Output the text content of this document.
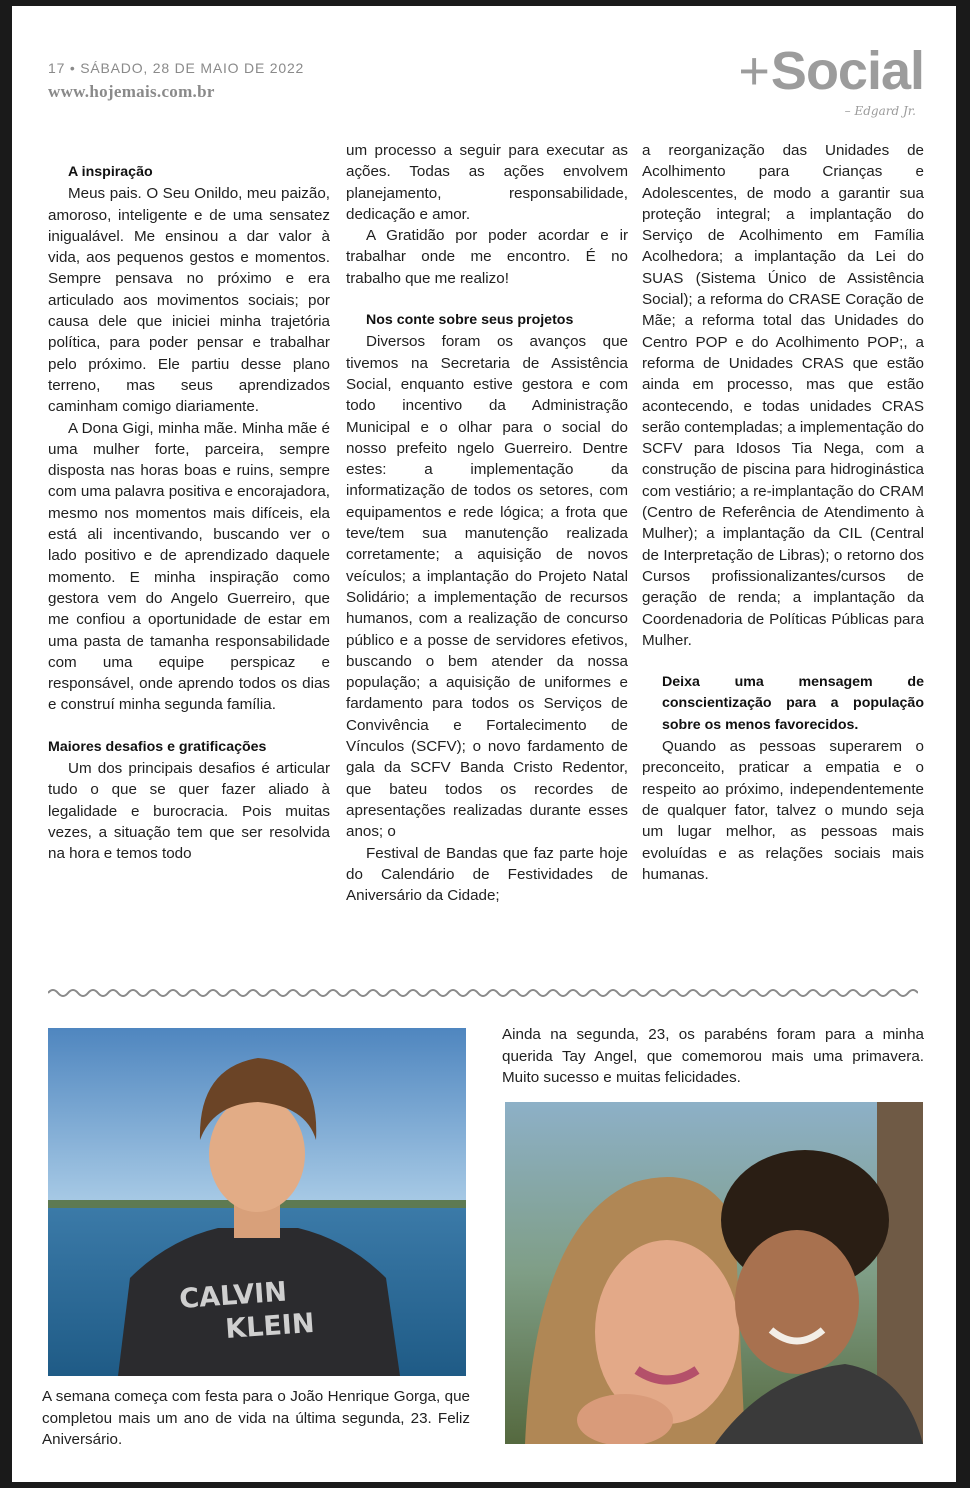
17 • SÁBADO, 28 DE MAIO DE 2022
www.hojemais.com.br	+Social
– Edgard Jr.
A inspiração

Meus pais. O Seu Onildo, meu paizão, amoroso, inteligente e de uma sensatez inigualável. Me ensinou a dar valor à vida, aos pequenos gestos e momentos. Sempre pensava no próximo e era articulado aos movimentos sociais; por causa dele que iniciei minha trajetória política, para poder pensar e trabalhar pelo próximo. Ele partiu desse plano terreno, mas seus aprendizados caminham comigo diariamente.

A Dona Gigi, minha mãe. Minha mãe é uma mulher forte, parceira, sempre disposta nas horas boas e ruins, sempre com uma palavra positiva e encorajadora, mesmo nos momentos mais difíceis, ela está ali incentivando, buscando ver o lado positivo e de aprendizado daquele momento. E minha inspiração como gestora vem do Angelo Guerreiro, que me confiou a oportunidade de estar em uma pasta de tamanha responsabilidade com uma equipe perspicaz e responsável, onde aprendo todos os dias e construí minha segunda família.

Maiores desafios e gratificações

Um dos principais desafios é articular tudo o que se quer fazer aliado à legalidade e burocracia. Pois muitas vezes, a situação tem que ser resolvida na hora e temos todo

um processo a seguir para executar as ações. Todas as ações envolvem planejamento, responsabilidade, dedicação e amor.

A Gratidão por poder acordar e ir trabalhar onde me encontro. É no trabalho que me realizo!

Nos conte sobre seus projetos

Diversos foram os avanços que tivemos na Secretaria de Assistência Social, enquanto estive gestora e com todo incentivo da Administração Municipal e o olhar para o social do nosso prefeito ngelo Guerreiro. Dentre estes: a implementação da informatização de todos os setores, com equipamentos e rede lógica; a frota que teve/tem sua manutenção realizada corretamente; a aquisição de novos veículos; a implantação do Projeto Natal Solidário; a implementação de recursos humanos, com a realização de concurso público e a posse de servidores efetivos, buscando o bem atender da nossa população; a aquisição de uniformes e fardamento para todos os Serviços de Convivência e Fortalecimento de Vínculos (SCFV); o novo fardamento de gala da SCFV Banda Cristo Redentor, que bateu todos os recordes de apresentações realizadas durante esses anos; o

Festival de Bandas que faz parte hoje do Calendário de Festividades de Aniversário da Cidade;

a reorganização das Unidades de Acolhimento para Crianças e Adolescentes, de modo a garantir sua proteção integral; a implantação do Serviço de Acolhimento em Família Acolhedora; a implantação da Lei do SUAS (Sistema Único de Assistência Social); a reforma do CRASE Coração de Mãe; a reforma total das Unidades do Centro POP e do Acolhimento POP;, a reforma de Unidades CRAS que estão ainda em processo, mas que estão acontecendo, e todas unidades CRAS serão contempladas; a implementação do SCFV para Idosos Tia Nega, com a construção de piscina para hidroginástica com vestiário; a re-implantação do CRAM (Centro de Referência de Atendimento à Mulher); a implantação da CIL (Central de Interpretação de Libras); o retorno dos Cursos profissionalizantes/cursos de geração de renda; a implantação da Coordenadoria de Políticas Públicas para Mulher.

Deixa uma mensagem de conscientização para a população sobre os menos favorecidos.

Quando as pessoas superarem o preconceito, praticar a empatia e o respeito ao próximo, independentemente de qualquer fator, talvez o mundo seja um lugar melhor, as pessoas mais evoluídas e as relações sociais mais humanas.

CALVIN
KLEIN
A semana começa com festa para o João Henrique Gorga, que completou mais um ano de vida na última segunda, 23. Feliz Aniversário.
Ainda na segunda, 23, os parabéns foram para a minha querida Tay Angel, que comemorou mais uma primavera. Muito sucesso e muitas felicidades.
